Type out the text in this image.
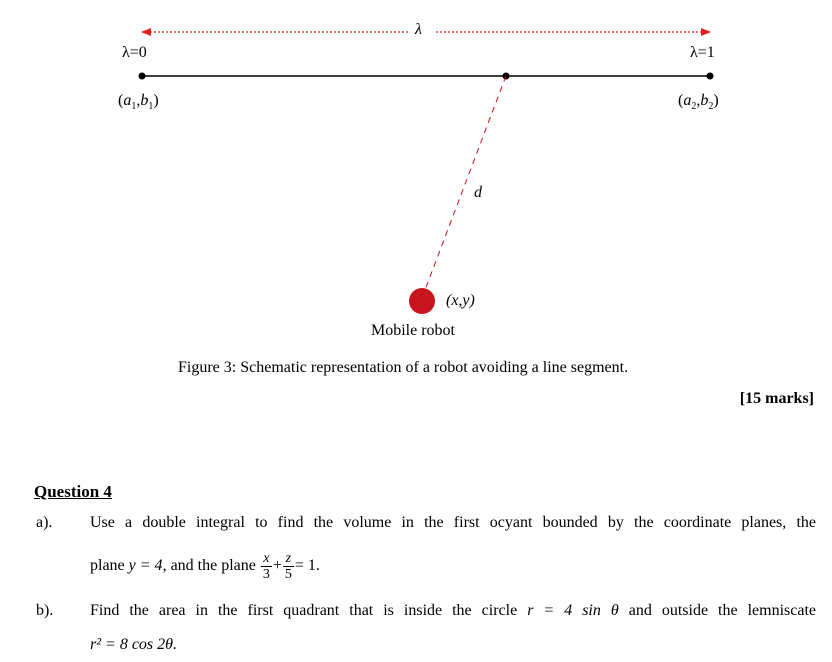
λ
λ=0	λ=1
$(a_1,b_1)$	$(a_2,b_2)$
d
(x,y)
Mobile robot
Figure 3: Schematic representation of a robot avoiding a line segment.
[15 marks]
Question 4
a). Use a double integral to find the volume in the first ocyant bounded by the coordinate planes, the
plane y = 4, and the plane $\frac{x}{3} + \frac{z}{5} = 1$.
b). Find the area in the first quadrant that is inside the circle r = 4 sin θ and outside the lemniscate
r² = 8 cos 2θ.
